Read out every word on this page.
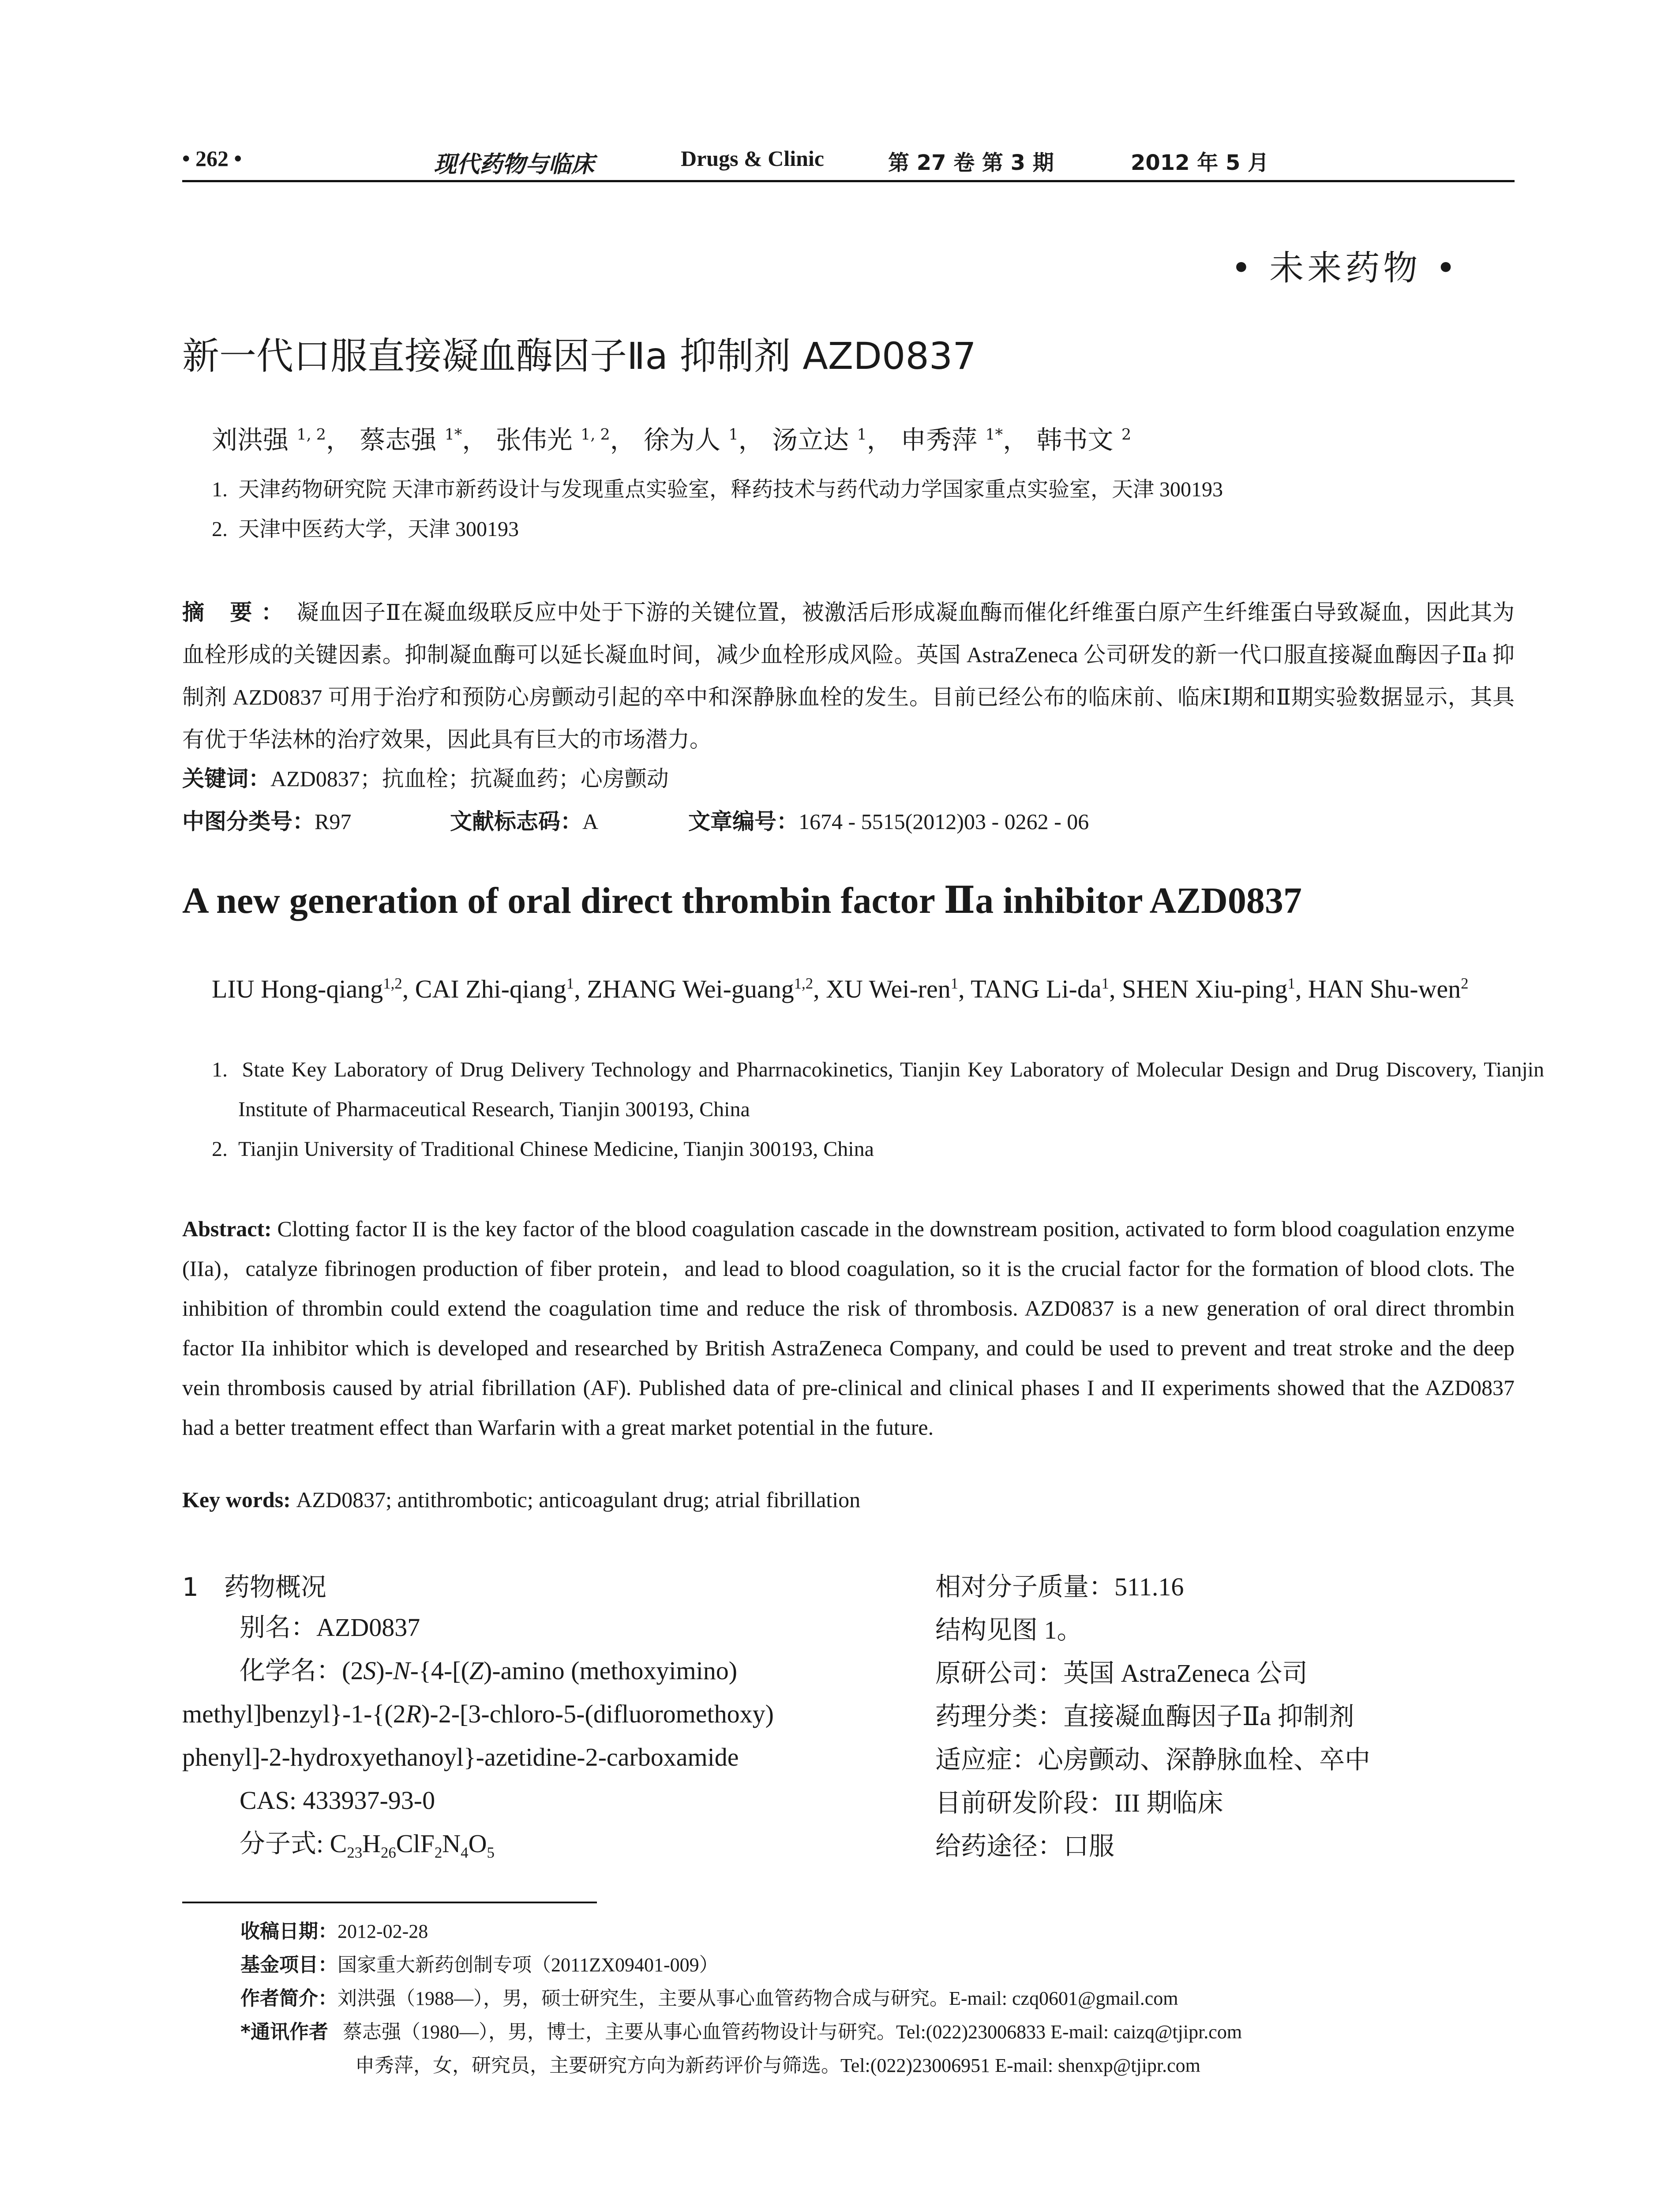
• 262 •	现代药物与临床	Drugs & Clinic	第 27 卷 第 3 期	2012 年 5 月
• 未来药物 •
新一代口服直接凝血酶因子Ⅱa 抑制剂 AZD0837
刘洪强 $^{1, 2}$， 蔡志强 $^{1*}$， 张伟光 $^{1, 2}$， 徐为人 $^1$， 汤立达 $^1$， 申秀萍 $^{1*}$， 韩书文 $^2$
1. 天津药物研究院 天津市新药设计与发现重点实验室，释药技术与药代动力学国家重点实验室，天津 300193
2. 天津中医药大学，天津 300193
摘 要： 凝血因子Ⅱ在凝血级联反应中处于下游的关键位置，被激活后形成凝血酶而催化纤维蛋白原产生纤维蛋白导致凝血，因此其为血栓形成的关键因素。抑制凝血酶可以延长凝血时间，减少血栓形成风险。英国 AstraZeneca 公司研发的新一代口服直接凝血酶因子Ⅱa 抑制剂 AZD0837 可用于治疗和预防心房颤动引起的卒中和深静脉血栓的发生。目前已经公布的临床前、临床Ⅰ期和Ⅱ期实验数据显示，其具有优于华法林的治疗效果，因此具有巨大的市场潜力。
关键词：AZD0837；抗血栓；抗凝血药；心房颤动
中图分类号：R97	文献标志码：A	文章编号：1674 - 5515(2012)03 - 0262 - 06
A new generation of oral direct thrombin factor Ⅱa inhibitor AZD0837
LIU Hong-qiang$^{1,2}$, CAI Zhi-qiang$^1$, ZHANG Wei-guang$^{1,2}$, XU Wei-ren$^1$, TANG $Li-da^1$, SHEN Xiu-ping$^1$, HAN Shu-wen$^2$
1. State Key Laboratory of Drug Delivery Technology and Pharrnacokinetics, Tianjin Key Laboratory of Molecular Design and Drug Discovery, Tianjin Institute of Pharmaceutical Research, Tianjin 300193, China
2. Tianjin University of Traditional Chinese Medicine, Tianjin 300193, China
Abstract: Clotting factor II is the key factor of the blood coagulation cascade in the downstream position, activated to form blood coagulation enzyme (IIa)，catalyze fibrinogen production of fiber protein，and lead to blood coagulation, so it is the crucial factor for the formation of blood clots. The inhibition of thrombin could extend the coagulation time and reduce the risk of thrombosis. AZD0837 is a new generation of oral direct thrombin factor IIa inhibitor which is developed and researched by British AstraZeneca Company, and could be used to prevent and treat stroke and the deep vein thrombosis caused by atrial fibrillation (AF). Published data of pre-clinical and clinical phases I and II experiments showed that the AZD0837 had a better treatment effect than Warfarin with a great market potential in the future.
Key words: AZD0837; antithrombotic; anticoagulant drug; atrial fibrillation
1　药物概况
别名：AZD0837
化学名：(2S)-N-{4-[(Z)-amino (methoxyimino)
methyl]benzyl}-1-{(2R)-2-[3-chloro-5-(difluoromethoxy)
phenyl]-2-hydroxyethanoyl}-azetidine-2-carboxamide
CAS: 433937-93-0
分子式: $C_{23}H_{26}ClF_2N_4O_5$
相对分子质量：511.16
结构见图 1。
原研公司：英国 AstraZeneca 公司
药理分类：直接凝血酶因子Ⅱa 抑制剂
适应症：心房颤动、深静脉血栓、卒中
目前研发阶段：III 期临床
给药途径：口服
收稿日期：2012-02-28
基金项目：国家重大新药创制专项（2011ZX09401-009）
作者简介：刘洪强（1988—），男，硕士研究生，主要从事心血管药物合成与研究。E-mail: czq0601@gmail.com
*通讯作者 蔡志强（1980—），男，博士，主要从事心血管药物设计与研究。Tel:(022)23006833 E-mail: caizq@tjipr.com
申秀萍，女，研究员，主要研究方向为新药评价与筛选。Tel:(022)23006951 E-mail: shenxp@tjipr.com
